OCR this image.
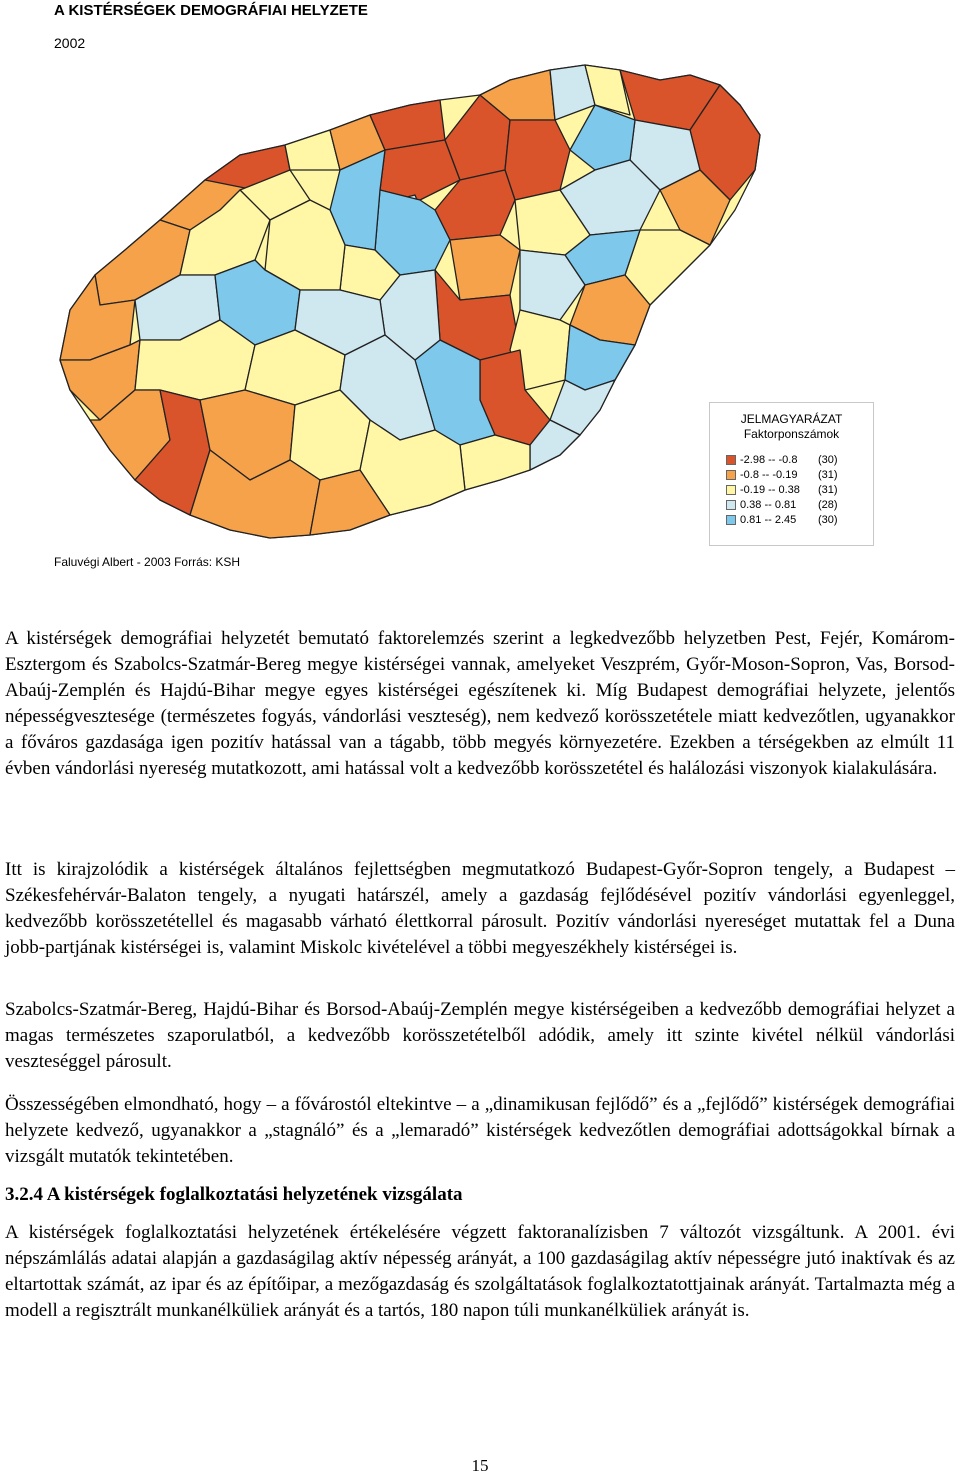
A KISTÉRSÉGEK DEMOGRÁFIAI HELYZETE
2002
JELMAGYARÁZAT
Faktorponszámok
-2.98 -- -0.8	(30)
-0.8 -- -0.19	(31)
-0.19 -- 0.38	(31)
0.38 -- 0.81	(28)
0.81 -- 2.45	(30)
Faluvégi Albert - 2003 Forrás: KSH

A kistérségek demográfiai helyzetét bemutató faktorelemzés szerint a legkedvezőbb helyzetben Pest, Fejér, Komárom-Esztergom és Szabolcs-Szatmár-Bereg megye kistérségei vannak, amelyeket Veszprém, Győr-Moson-Sopron, Vas, Borsod-Abaúj-Zemplén és Hajdú-Bihar megye egyes kistérségei egészítenek ki. Míg Budapest demográfiai helyzete, jelentős népességvesztesége (természetes fogyás, vándorlási veszteség), nem kedvező korösszetétele miatt kedvezőtlen, ugyanakkor a főváros gazdasága igen pozitív hatással van a tágabb, több megyés környezetére. Ezekben a térségekben az elmúlt 11 évben vándorlási nyereség mutatkozott, ami hatással volt a kedvezőbb korösszetétel és halálozási viszonyok kialakulására.

Itt is kirajzolódik a kistérségek általános fejlettségben megmutatkozó Budapest-Győr-Sopron tengely, a Budapest – Székesfehérvár-Balaton tengely, a nyugati határszél, amely a gazdaság fejlődésével pozitív vándorlási egyenleggel, kedvezőbb korösszetétellel és magasabb várható élettkorral párosult. Pozitív vándorlási nyereséget mutattak fel a Duna jobb-partjának kistérségei is, valamint Miskolc kivételével a többi megyeszékhely kistérségei is.

Szabolcs-Szatmár-Bereg, Hajdú-Bihar és Borsod-Abaúj-Zemplén megye kistérségeiben a kedvezőbb demográfiai helyzet a magas természetes szaporulatból, a kedvezőbb korösszetételből adódik, amely itt szinte kivétel nélkül vándorlási veszteséggel párosult.

Összességében elmondható, hogy – a fővárostól eltekintve – a „dinamikusan fejlődő” és a „fejlődő” kistérségek demográfiai helyzete kedvező, ugyanakkor a „stagnáló” és a „lemaradó” kistérségek kedvezőtlen demográfiai adottságokkal bírnak a vizsgált mutatók tekintetében.

3.2.4 A kistérségek foglalkoztatási helyzetének vizsgálata

A kistérségek foglalkoztatási helyzetének értékelésére végzett faktoranalízisben 7 változót vizsgáltunk. A 2001. évi népszámlálás adatai alapján a gazdaságilag aktív népesség arányát, a 100 gazdaságilag aktív népességre jutó inaktívak és az eltartottak számát, az ipar és az építőipar, a mezőgazdaság és szolgáltatások foglalkoztatottjainak arányát. Tartalmazta még a modell a regisztrált munkanélküliek arányát és a tartós, 180 napon túli munkanélküliek arányát is.

15
